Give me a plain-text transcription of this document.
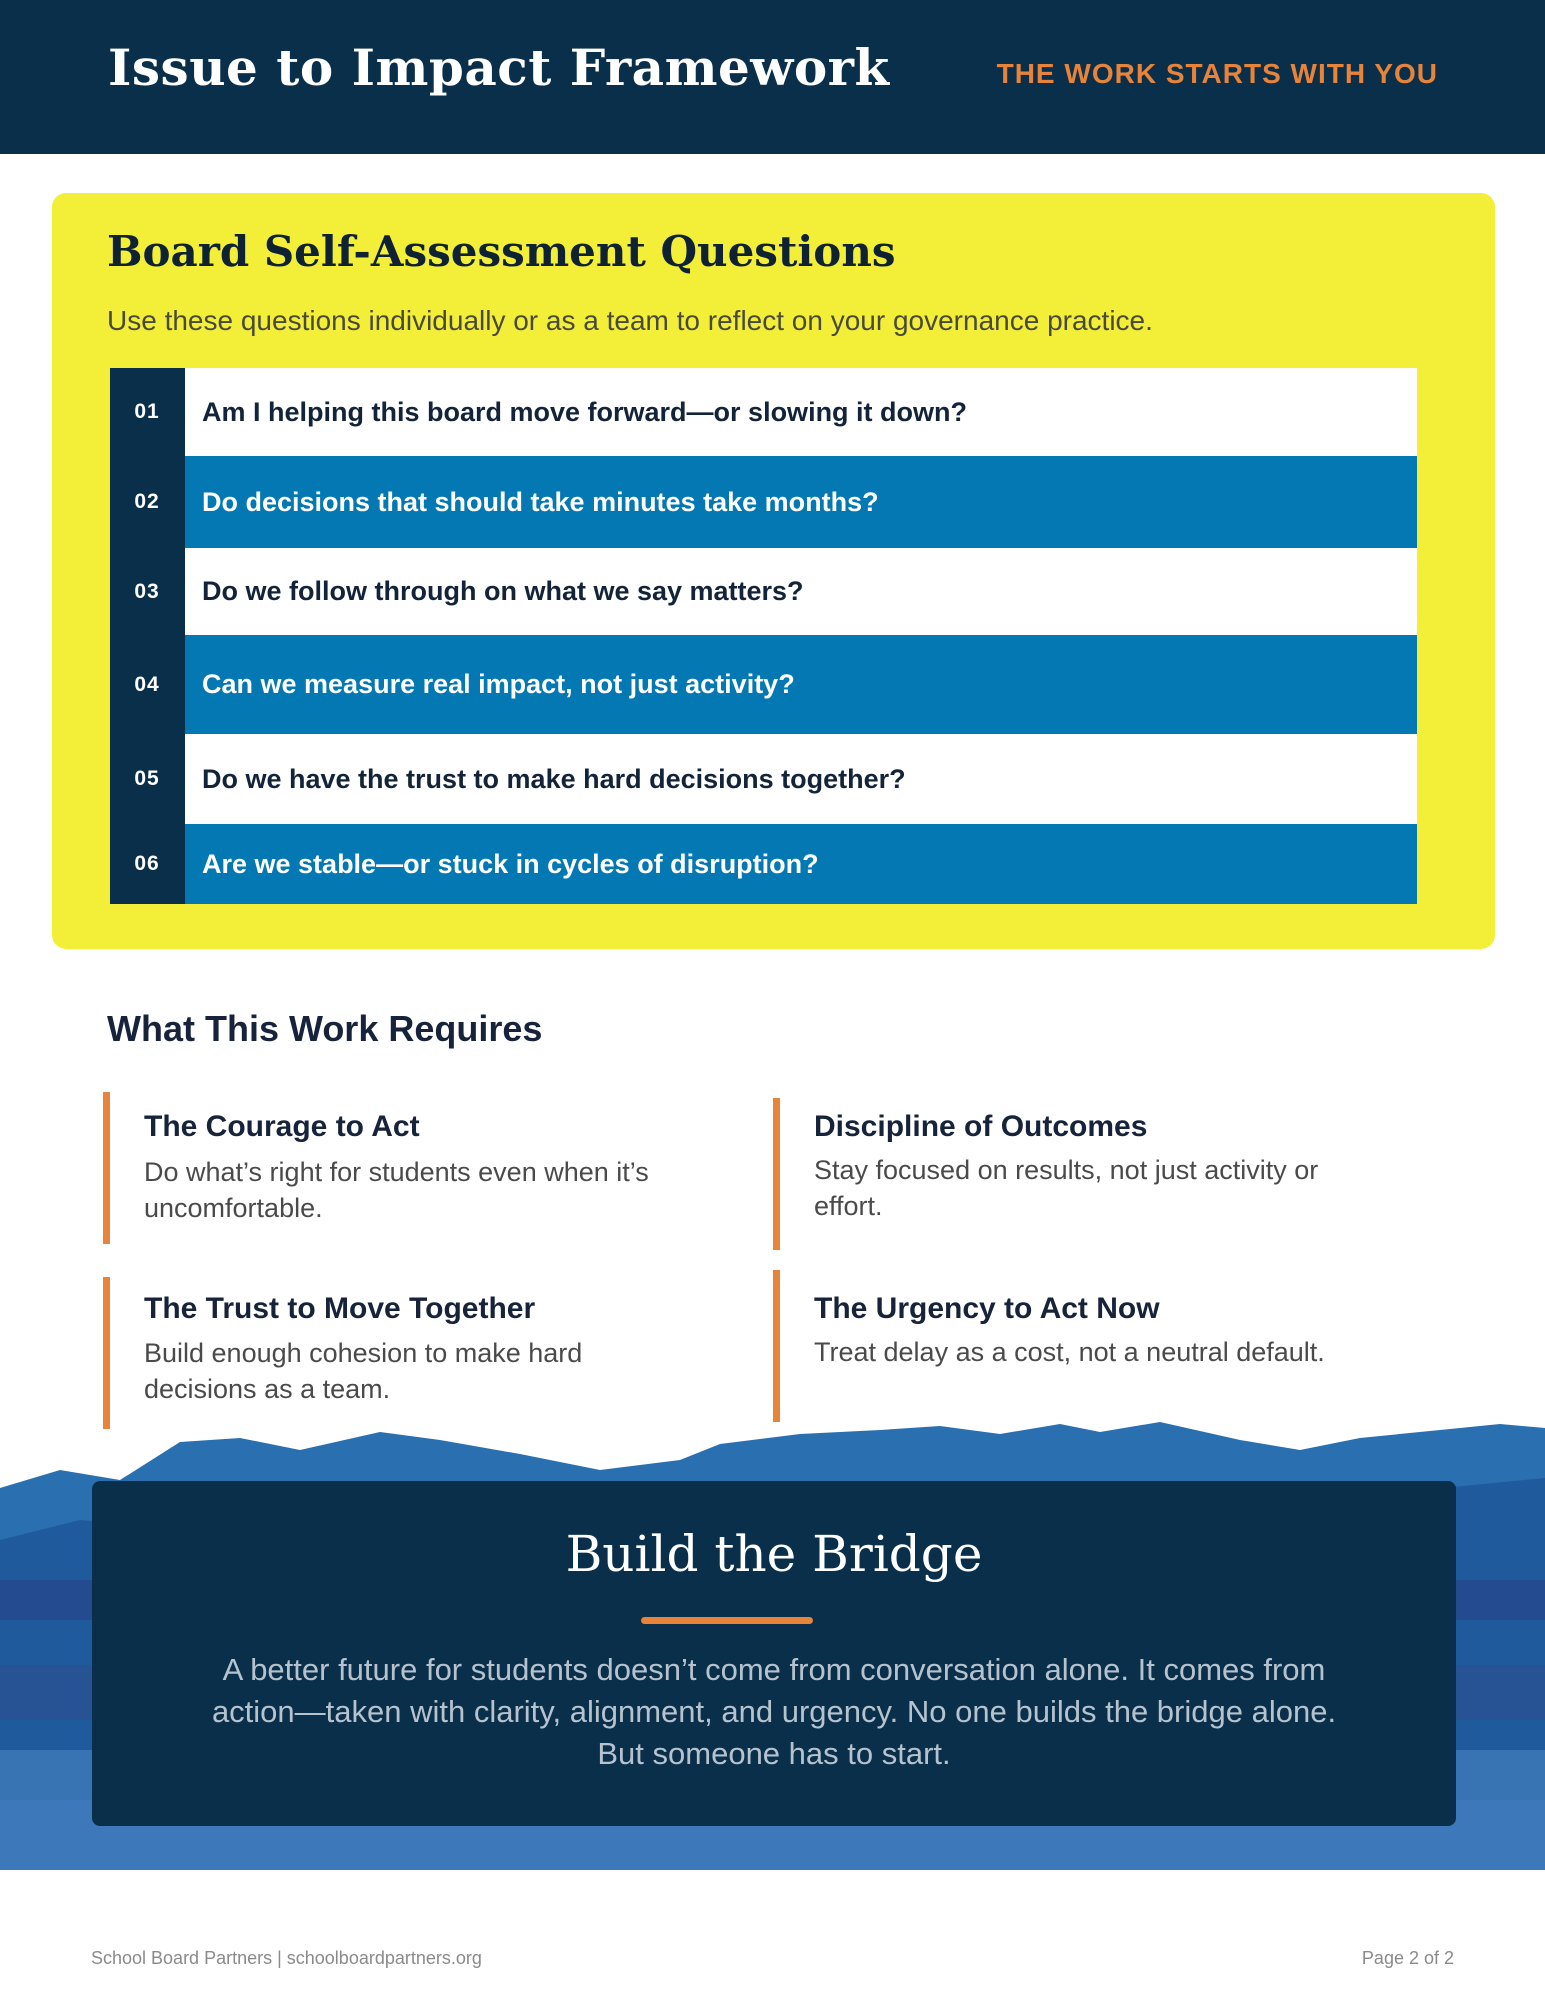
Issue to Impact Framework	THE WORK STARTS WITH YOU
Board Self-Assessment Questions
Use these questions individually or as a team to reflect on your governance practice.
01	Am I helping this board move forward—or slowing it down?
02	Do decisions that should take minutes take months?
03	Do we follow through on what we say matters?
04	Can we measure real impact, not just activity?
05	Do we have the trust to make hard decisions together?
06	Are we stable—or stuck in cycles of disruption?
What This Work Requires
The Courage to Act
Do what’s right for students even when it’s uncomfortable.
Discipline of Outcomes
Stay focused on results, not just activity or effort.
The Trust to Move Together
Build enough cohesion to make hard decisions as a team.
The Urgency to Act Now
Treat delay as a cost, not a neutral default.
Build the Bridge
A better future for students doesn’t come from conversation alone. It comes from action—taken with clarity, alignment, and urgency. No one builds the bridge alone. But someone has to start.
School Board Partners | schoolboardpartners.org	Page 2 of 2
